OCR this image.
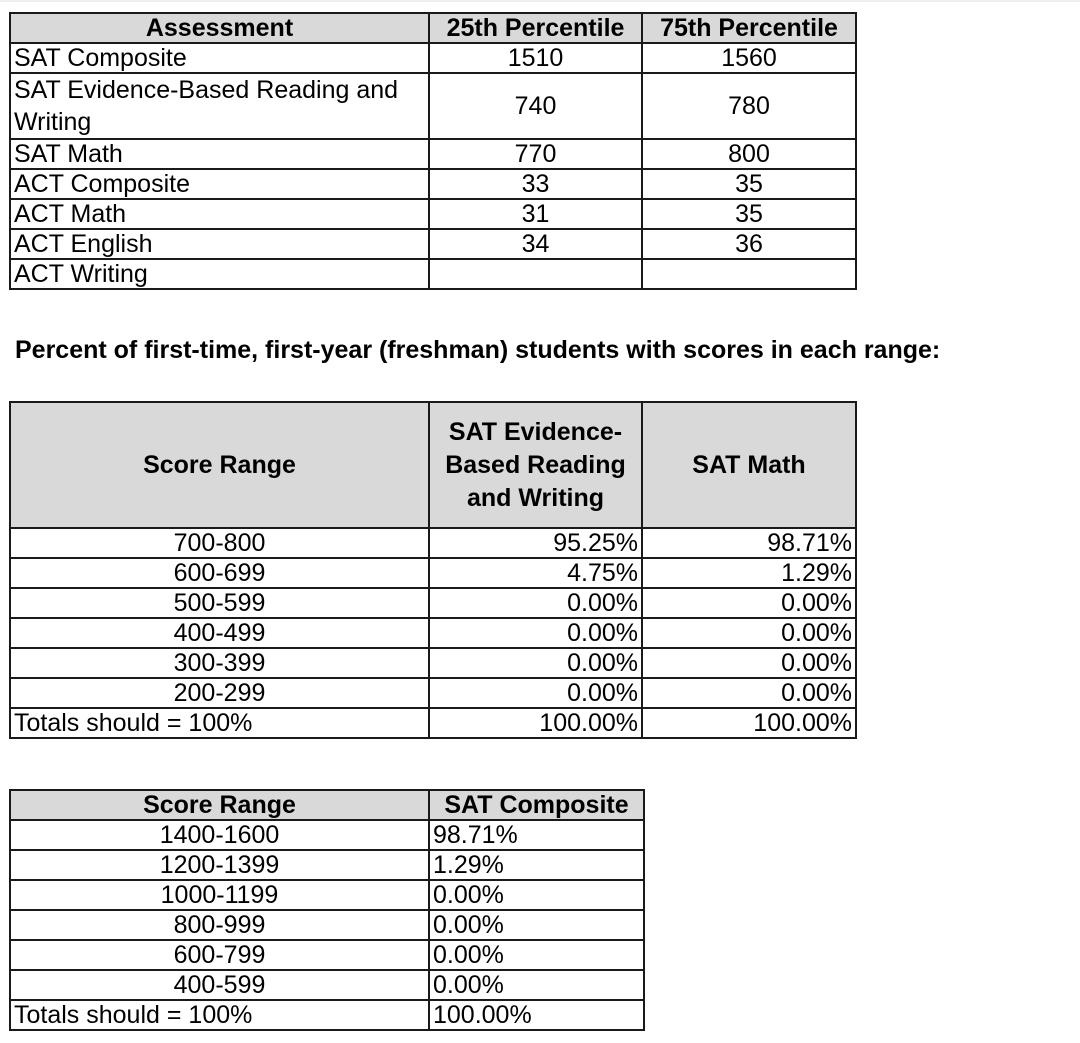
Assessment	25th Percentile	75th Percentile
SAT Composite	1510	1560
SAT Evidence-Based Reading and Writing	740	780
SAT Math	770	800
ACT Composite	33	35
ACT Math	31	35
ACT English	34	36
ACT Writing		
Percent of first-time, first-year (freshman) students with scores in each range:
Score Range	SAT Evidence-Based Reading and Writing	SAT Math
700-800	95.25%	98.71%
600-699	4.75%	1.29%
500-599	0.00%	0.00%
400-499	0.00%	0.00%
300-399	0.00%	0.00%
200-299	0.00%	0.00%
Totals should = 100%	100.00%	100.00%
Score Range	SAT Composite
1400-1600	98.71%
1200-1399	1.29%
1000-1199	0.00%
800-999	0.00%
600-799	0.00%
400-599	0.00%
Totals should = 100%	100.00%
